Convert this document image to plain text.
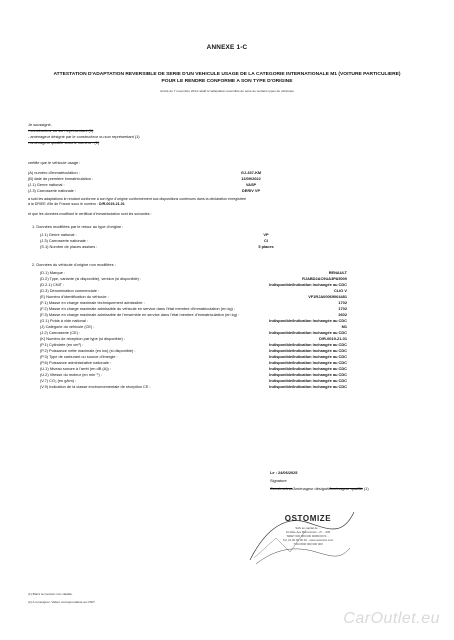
ANNEXE 1-C
ATTESTATION D'ADAPTATION REVERSIBLE DE SERIE D'UN VEHICULE USAGE DE LA CATEGORIE INTERNATIONALE M1 (VOITURE PARTICULIERE) POUR LE RENDRE CONFORME A SON TYPE D'ORIGINE
Arrêté du 7 novembre 2014 relatif à l'adaptation réversible de série de certains types de véhicules
Je soussigné,
- constructeur ou son représentant (1)
- aménageur désigné par le constructeur ou son représentant (1)
- aménageur qualifié sous le numéro : (1)
certifie que le véhicule usagé :
(A) numéro d'immatriculation :	GJ-337-KM
(B) date de première immatriculation :	13/09/2022
(J.1) Genre national :	VASP
(J.3) Carrosserie nationale :	DERIV VP
a subi les adaptations le rendant conforme à son type d'origine conformément aux dispositions contenues dans la déclaration enregistrée
à la DRIEE d'Ile de France sous le numéro : D/R-0019-21-01
et que les données modifiant le certificat d'immatriculation sont les suivantes :
1. Données modifiées par le retour au type d'origine :
(J.1) Genre national :	VP
(J.3) Carrosserie nationale :	CI
(S.1) Nombre de places assises :	5 places
2. Données du véhicule d'origine non modifiées :
(D.1) Marque :	RENAULT
(D.2) Type, variante (si disponible), version (si disponible) :	RJABD2AC9UA3PA5000
(D.2.1) CNIT :	Indisponible/Indication Inchangée au CDC
(D.3) Dénomination commerciale :	CLIO V
(E) Numéro d'identification du véhicule :	VF1RJA00069064481
(F.1) Masse en charge maximale techniquement admissible :	1702
(F.2) Masse en charge maximale admissible du véhicule en service dans l'état membre d'immatriculation (en kg) :	1702
(F.3) Masse en charge maximale admissible de l'ensemble en service dans l'état membre d'immatriculation (en kg) :	2602
(G.1) Poids à vide national :	Indisponible/Indication Inchangée au CDC
(J) Catégorie du véhicule (CE) :	M1
(J.2) Carrosserie (CE) :	Indisponible/Indication Inchangée au CDC
(K) Numéro de réception par type (si disponible) :	D/R-0019-21-01
(P.1) Cylindrée (en cm³) :	Indisponible/Indication Inchangée au CDC
(P.2) Puissance nette maximale (en kw) (si disponible) :	Indisponible/Indication Inchangée au CDC
(P.3) Type de carburant ou source d'énergie :	Indisponible/Indication Inchangée au CDC
(P.6) Puissance administrative nationale :	Indisponible/Indication Inchangée au CDC
(U.1) Niveau sonore à l'arrêt (en dB (A)) :	Indisponible/Indication Inchangée au CDC
(U.2) Vitesse du moteur (en min⁻¹) :	Indisponible/Indication Inchangée au CDC
(V.7) CO₂ (en g/km) :	Indisponible/Indication Inchangée au CDC
(V.9) Indication de la classe environnementale de réception CE :	Indisponible/Indication Inchangée au CDC
Le : 24/06/2025
Signature
Constructeur/Aménageur désigné/Aménageur qualifié (1)
OSTOMIZE
SAS au capital de ...
10 Allée des Marronniers - ZI ... 000
SIRET 000 000 000 00000 RCS ...
Tél. 01 00 00 00 00 - www.ostomize.com
TVA FR00 000 000 000
(1) Barré la mention non valable.
(2) A renseigner. Valeur correspondante au CNIT.
CarOutlet.eu
